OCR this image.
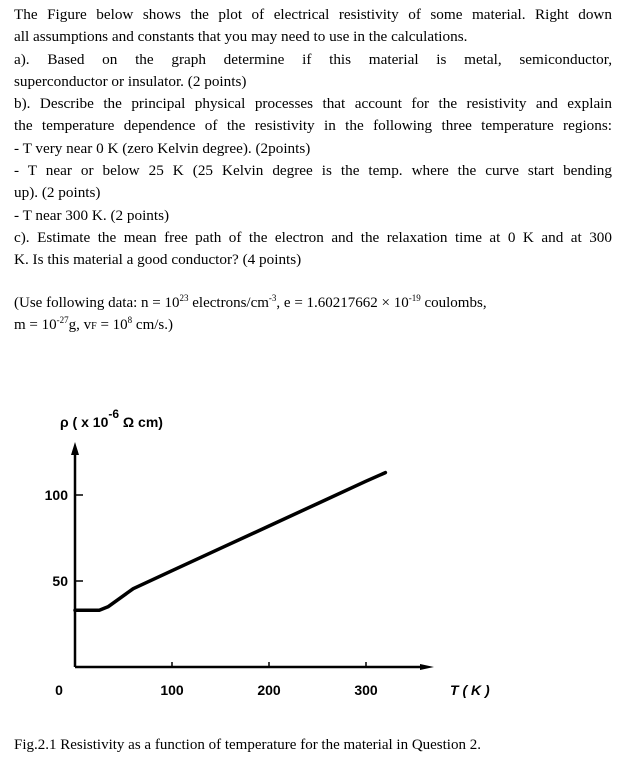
The Figure below shows the plot of electrical resistivity of some material. Right down

all assumptions and constants that you may need to use in the calculations.

a). Based on the graph determine if this material is metal, semiconductor,

superconductor or insulator. (2 points)

b). Describe the principal physical processes that account for the resistivity and explain

the temperature dependence of the resistivity in the following three temperature regions:

- T very near 0 K (zero Kelvin degree). (2points)

- T near or below 25 K (25 Kelvin degree is the temp. where the curve start bending

up). (2 points)

- T near 300 K. (2 points)

c). Estimate the mean free path of the electron and the relaxation time at 0 K and at 300

K. Is this material a good conductor? (4 points)

(Use following data: $n = 10^{23}$ electrons/$cm^{-3}$, $e = 1.60217662 \times 10^{-19}$ coulombs,

$m = 10^{-27}g$, vF = $10^8$ cm/s.)

ρ ( x 10-6 Ω cm)
0	100	200	300
50
100
T ( K )
Fig.2.1 Resistivity as a function of temperature for the material in Question 2.
